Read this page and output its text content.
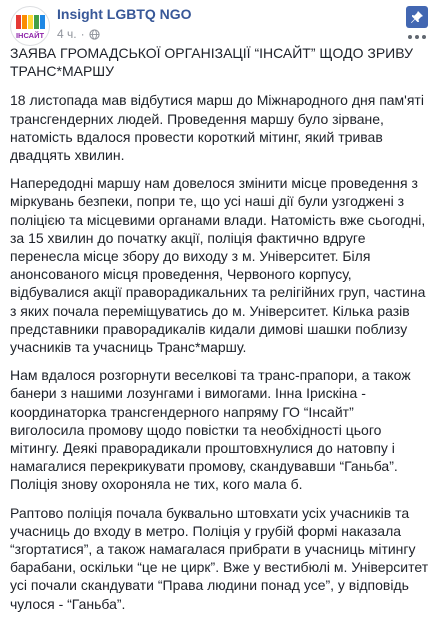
ІНСАЙТ
Insight LGBTQ NGO
4 ч. ·

ЗАЯВА ГРОМАДСЬКОЇ ОРГАНІЗАЦІЇ “ІНСАЙТ” ЩОДО ЗРИВУ ТРАНС*МАРШУ

18 листопада мав відбутися марш до Міжнародного дня пам'яті трансгендерних людей. Проведення маршу було зірване, натомість вдалося провести короткий мітинг, який тривав двадцять хвилин.

Напередодні маршу нам довелося змінити місце проведення з міркувань безпеки, попри те, що усі наші дії були узгоджені з поліцією та місцевими органами влади. Натомість вже сьогодні, за 15 хвилин до початку акції, поліція фактично вдруге перенесла місце збору до виходу з м. Університет. Біля анонсованого місця проведення, Червоного корпусу, відбувалися акції праворадикальних та релігійних груп, частина з яких почала переміщуватись до м. Університет. Кілька разів представники праворадикалів кидали димові шашки поблизу учасників та учасниць Транс*маршу.

Нам вдалося розгорнути веселкові та транс-прапори, а також банери з нашими лозунгами і вимогами. Інна Ірискіна - координаторка трансгендерного напряму ГО “Інсайт” виголосила промову щодо повістки та необхідності цього мітингу. Деякі праворадикали проштовхнулися до натовпу і намагалися перекрикувати промову, скандувавши “Ганьба”. Поліція знову охороняла не тих, кого мала б.

Раптово поліція почала буквально штовхати усіх учасників та учасниць до входу в метро. Поліція у грубій формі наказала “згортатися”, а також намагалася прибрати в учасниць мітингу барабани, оскільки “це не цирк”. Вже у вестибюлі м. Університет усі почали скандувати “Права людини понад усе”, у відповідь чулося - “Ганьба”.
